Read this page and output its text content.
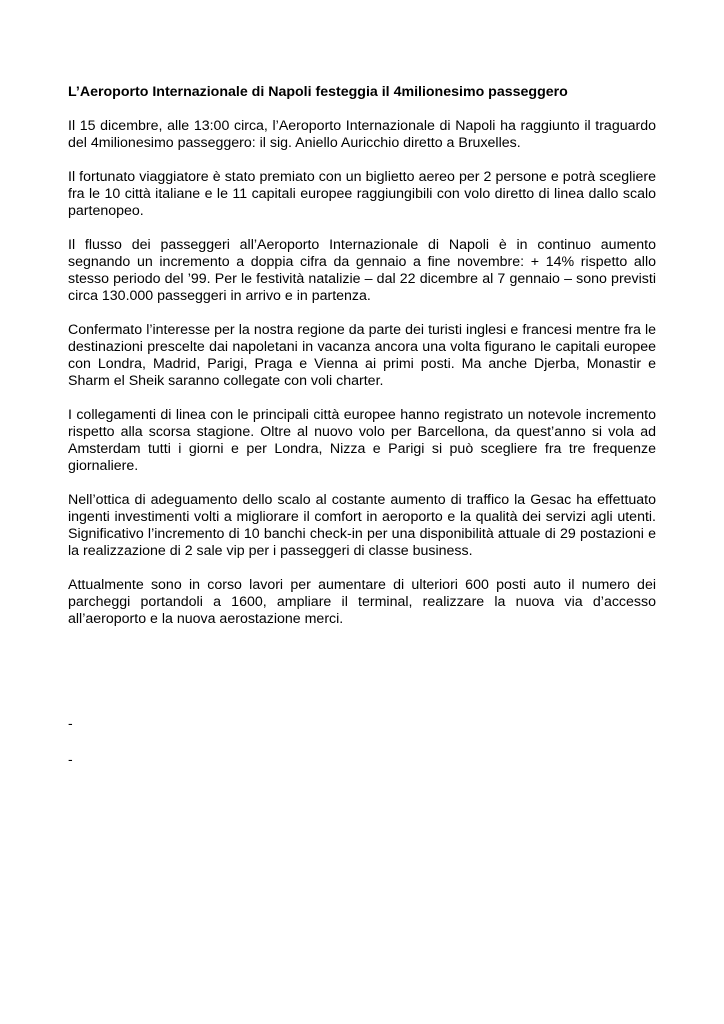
L’Aeroporto Internazionale di Napoli festeggia il 4milionesimo passeggero

Il 15 dicembre, alle 13:00 circa, l’Aeroporto Internazionale di Napoli ha raggiunto il traguardo del 4milionesimo passeggero: il sig. Aniello Auricchio diretto a Bruxelles.

Il fortunato viaggiatore è stato premiato con un biglietto aereo per 2 persone e potrà scegliere fra le 10 città italiane e le 11 capitali europee raggiungibili con volo diretto di linea dallo scalo partenopeo.

Il flusso dei passeggeri all’Aeroporto Internazionale di Napoli è in continuo aumento segnando un incremento a doppia cifra da gennaio a fine novembre: + 14% rispetto allo stesso periodo del ’99. Per le festività natalizie – dal 22 dicembre al 7 gennaio – sono previsti circa 130.000 passeggeri in arrivo e in partenza.

Confermato l’interesse per la nostra regione da parte dei turisti inglesi e francesi mentre fra le destinazioni prescelte dai napoletani in vacanza ancora una volta figurano le capitali europee con Londra, Madrid, Parigi, Praga e Vienna ai primi posti. Ma anche Djerba, Monastir e Sharm el Sheik saranno collegate con voli charter.

I collegamenti di linea con le principali città europee hanno registrato un notevole incremento rispetto alla scorsa stagione. Oltre al nuovo volo per Barcellona, da quest’anno si vola ad Amsterdam tutti i giorni e per Londra, Nizza e Parigi si può scegliere fra tre frequenze giornaliere.

Nell’ottica di adeguamento dello scalo al costante aumento di traffico la Gesac ha effettuato ingenti investimenti volti a migliorare il comfort in aeroporto e la qualità dei servizi agli utenti. Significativo l’incremento di 10 banchi check-in per una disponibilità attuale di 29 postazioni e la realizzazione di 2 sale vip per i passeggeri di classe business.

Attualmente sono in corso lavori per aumentare di ulteriori 600 posti auto il numero dei parcheggi portandoli a 1600, ampliare il terminal, realizzare la nuova via d’accesso all’aeroporto e la nuova aerostazione merci.

-
-
